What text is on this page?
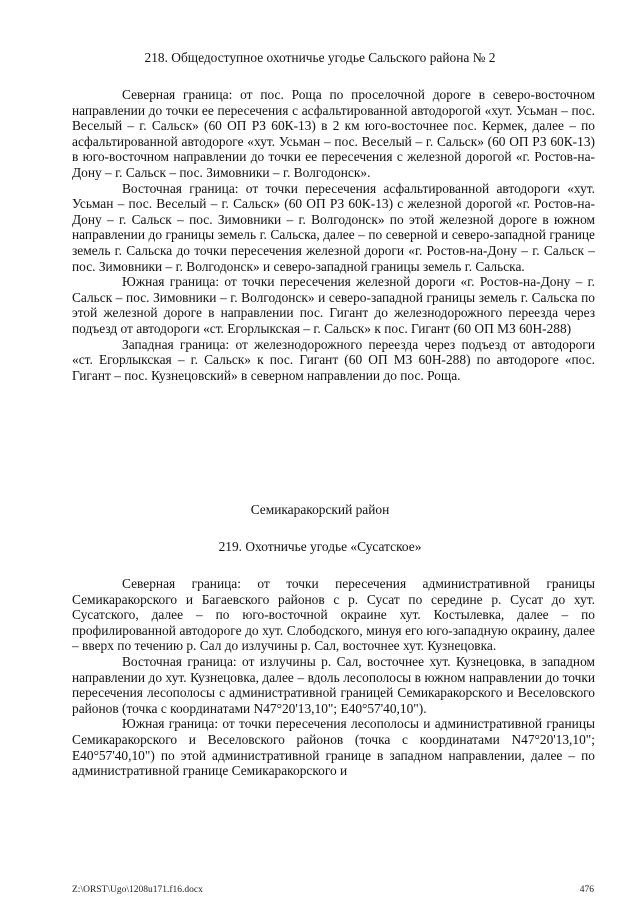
218. Общедоступное охотничье угодье Сальского района № 2

Северная граница: от пос. Роща по проселочной дороге в северо-восточном направлении до точки ее пересечения с асфальтированной автодорогой «хут. Усьман – пос. Веселый – г. Сальск» (60 ОП РЗ 60К-13) в 2 км юго-восточнее пос. Кермек, далее – по асфальтированной автодороге «хут. Усьман – пос. Веселый – г. Сальск» (60 ОП РЗ 60К-13) в юго-восточном направлении до точки ее пересечения с железной дорогой «г. Ростов-на-Дону – г. Сальск – пос. Зимовники – г. Волгодонск».

Восточная граница: от точки пересечения асфальтированной автодороги «хут. Усьман – пос. Веселый – г. Сальск» (60 ОП РЗ 60К-13) с железной дорогой «г. Ростов-на-Дону – г. Сальск – пос. Зимовники – г. Волгодонск» по этой железной дороге в южном направлении до границы земель г. Сальска, далее – по северной и северо-западной границе земель г. Сальска до точки пересечения железной дороги «г. Ростов-на-Дону – г. Сальск – пос. Зимовники – г. Волгодонск» и северо-западной границы земель г. Сальска.

Южная граница: от точки пересечения железной дороги «г. Ростов-на-Дону – г. Сальск – пос. Зимовники – г. Волгодонск» и северо-западной границы земель г. Сальска по этой железной дороге в направлении пос. Гигант до железнодорожного переезда через подъезд от автодороги «ст. Егорлыкская – г. Сальск» к пос. Гигант (60 ОП МЗ 60Н-288)

Западная граница: от железнодорожного переезда через подъезд от автодороги «ст. Егорлыкская – г. Сальск» к пос. Гигант (60 ОП МЗ 60Н-288) по автодороге «пос. Гигант – пос. Кузнецовский» в северном направлении до пос. Роща.

Семикаракорский район
219. Охотничье угодье «Сусатское»

Северная граница: от точки пересечения административной границы Семикаракорского и Багаевского районов с р. Сусат по середине р. Сусат до хут. Сусатского, далее – по юго-восточной окраине хут. Костылевка, далее – по профилированной автодороге до хут. Слободского, минуя его юго-западную окраину, далее – вверх по течению р. Сал до излучины р. Сал, восточнее хут. Кузнецовка.

Восточная граница: от излучины р. Сал, восточнее хут. Кузнецовка, в западном направлении до хут. Кузнецовка, далее – вдоль лесополосы в южном направлении до точки пересечения лесополосы с административной границей Семикаракорского и Веселовского районов (точка с координатами N47°20'13,10"; E40°57'40,10").

Южная граница: от точки пересечения лесополосы и административной границы Семикаракорского и Веселовского районов (точка с координатами N47°20'13,10"; E40°57'40,10") по этой административной границе в западном направлении, далее – по административной границе Семикаракорского и

Z:\ORST\Ugo\1208u171.f16.docx	476
